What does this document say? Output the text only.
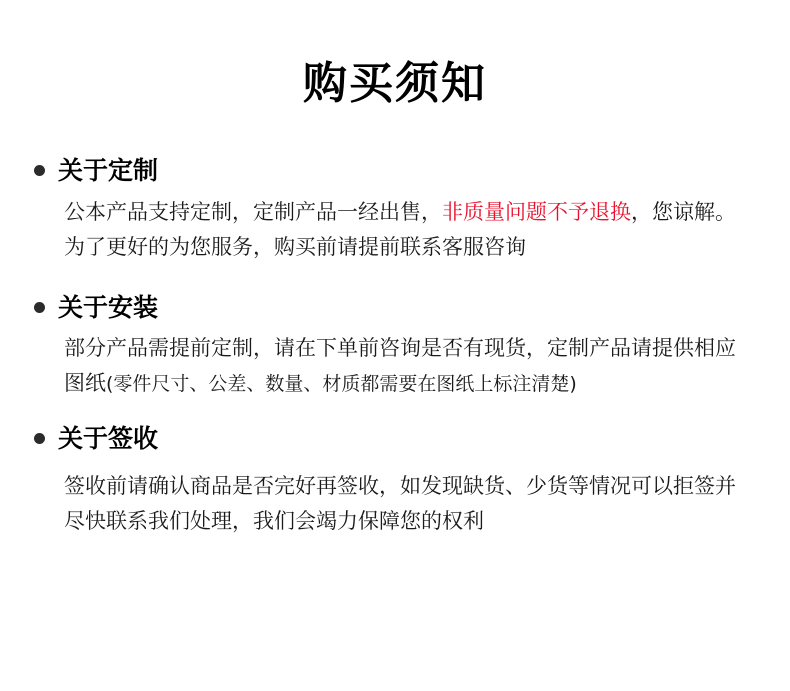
购买须知
关于定制
公本产品支持定制，定制产品一经出售，非质量问题不予退换，您谅解。为了更好的为您服务，购买前请提前联系客服咨询
关于安装
部分产品需提前定制，请在下单前咨询是否有现货，定制产品请提供相应图纸(零件尺寸、公差、数量、材质都需要在图纸上标注清楚)
关于签收
签收前请确认商品是否完好再签收，如发现缺货、少货等情况可以拒签并尽快联系我们处理，我们会竭力保障您的权利
